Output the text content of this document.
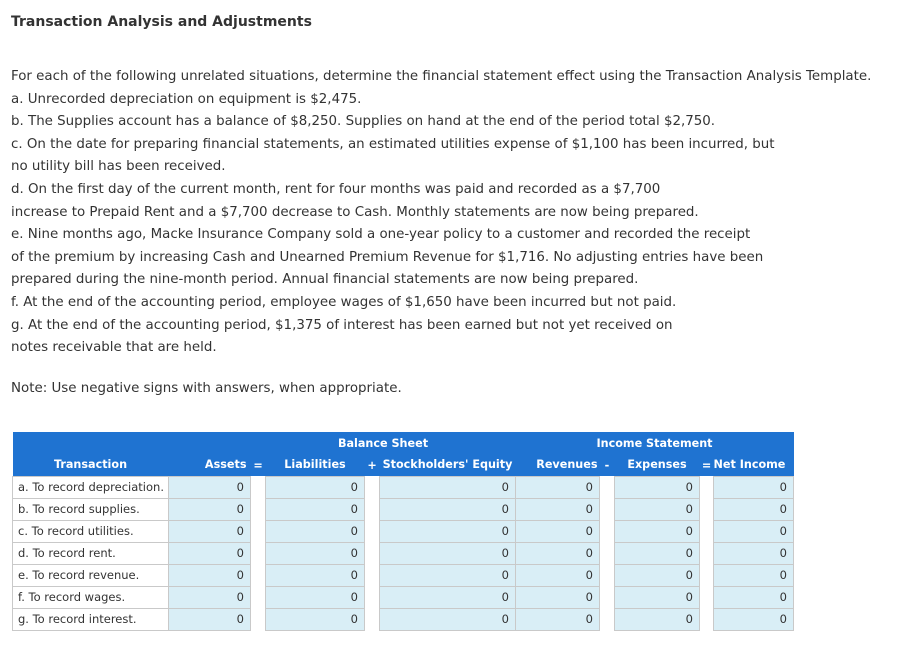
Transaction Analysis and Adjustments
For each of the following unrelated situations, determine the financial statement effect using the Transaction Analysis Template.
a. Unrecorded depreciation on equipment is $2,475.
b. The Supplies account has a balance of $8,250. Supplies on hand at the end of the period total $2,750.
c. On the date for preparing financial statements, an estimated utilities expense of $1,100 has been incurred, but
no utility bill has been received.
d. On the first day of the current month, rent for four months was paid and recorded as a $7,700
increase to Prepaid Rent and a $7,700 decrease to Cash. Monthly statements are now being prepared.
e. Nine months ago, Macke Insurance Company sold a one-year policy to a customer and recorded the receipt
of the premium by increasing Cash and Unearned Premium Revenue for $1,716. No adjusting entries have been
prepared during the nine-month period. Annual financial statements are now being prepared.
f. At the end of the accounting period, employee wages of $1,650 have been incurred but not paid.
g. At the end of the accounting period, $1,375 of interest has been earned but not yet received on
notes receivable that are held.
Note: Use negative signs with answers, when appropriate.
		Balance Sheet				Income Statement				
Transaction	Assets	=	Liabilities	+	Stockholders' Equity	Revenues	-	Expenses	=	Net Income
a. To record depreciation.	0		0		0	0		0		0

b. To record supplies.	0		0		0	0		0		0

c. To record utilities.	0		0		0	0		0		0

d. To record rent.	0		0		0	0		0		0

e. To record revenue.	0		0		0	0		0		0

f. To record wages.	0		0		0	0		0		0

g. To record interest.	0		0		0	0		0		0
